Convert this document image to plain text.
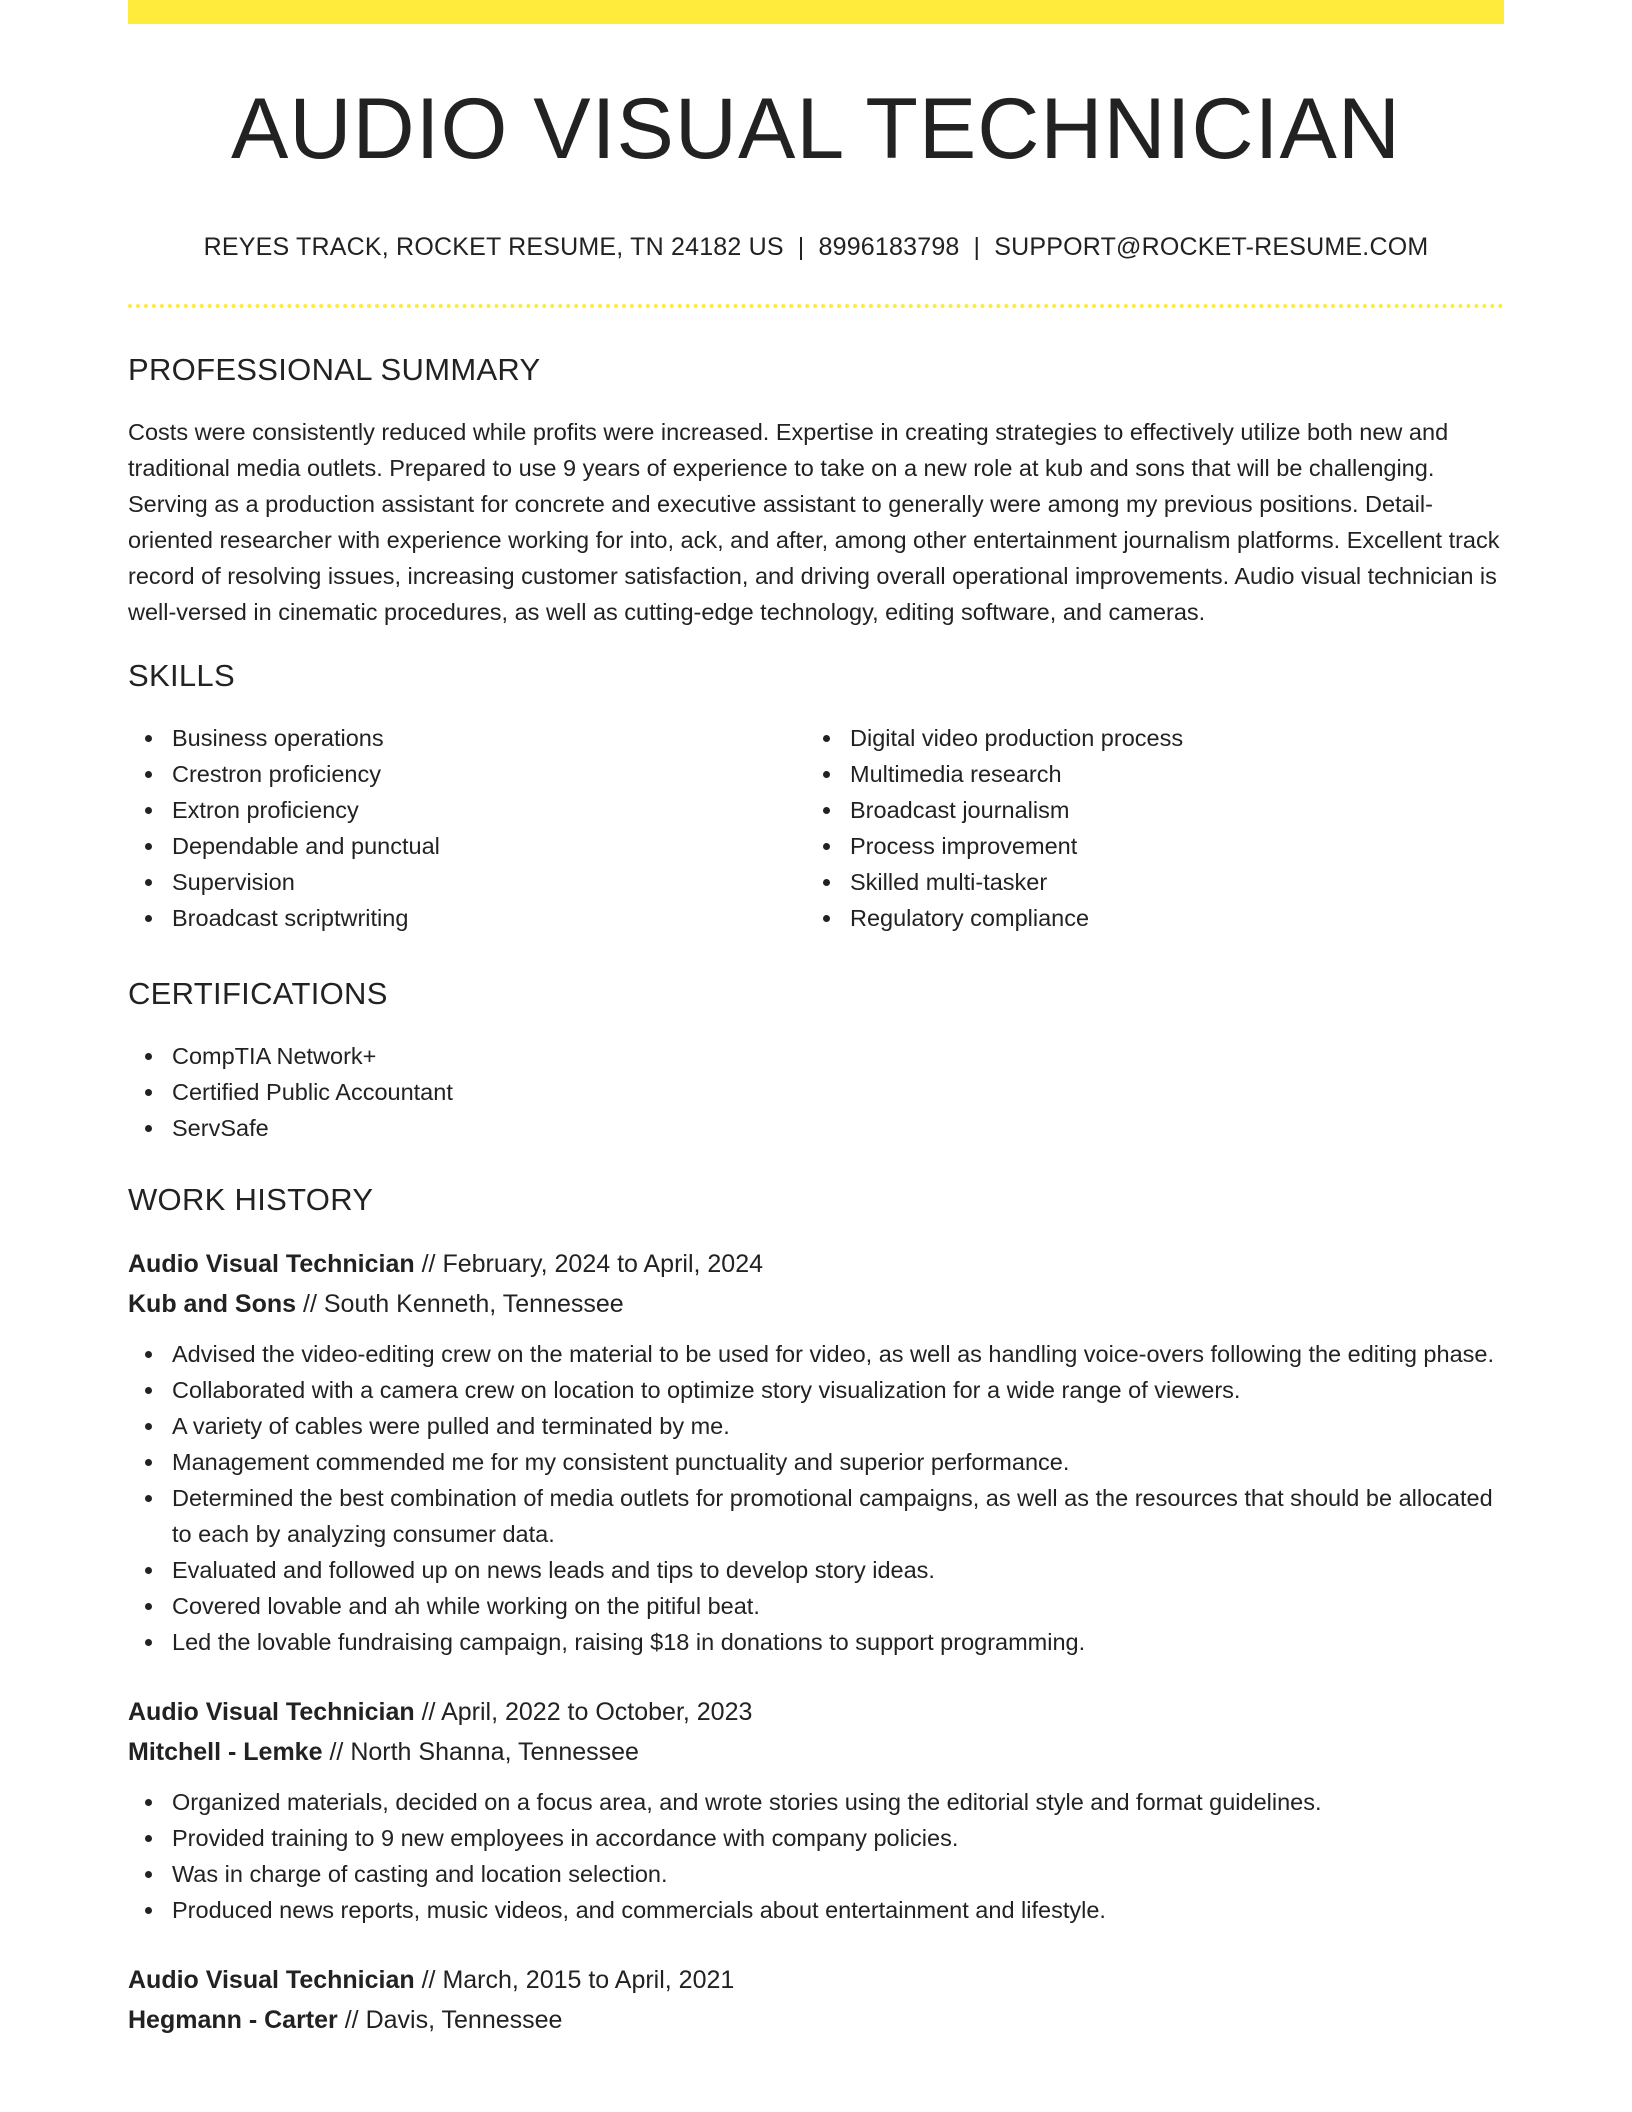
AUDIO VISUAL TECHNICIAN
REYES TRACK, ROCKET RESUME, TN 24182 US | 8996183798 | SUPPORT@ROCKET-RESUME.COM
PROFESSIONAL SUMMARY

Costs were consistently reduced while profits were increased. Expertise in creating strategies to effectively utilize both new and traditional media outlets. Prepared to use 9 years of experience to take on a new role at kub and sons that will be challenging. Serving as a production assistant for concrete and executive assistant to generally were among my previous positions. Detail-oriented researcher with experience working for into, ack, and after, among other entertainment journalism platforms. Excellent track record of resolving issues, increasing customer satisfaction, and driving overall operational improvements. Audio visual technician is well-versed in cinematic procedures, as well as cutting-edge technology, editing software, and cameras.

SKILLS
Business operations
Crestron proficiency
Extron proficiency
Dependable and punctual
Supervision
Broadcast scriptwriting
Digital video production process
Multimedia research
Broadcast journalism
Process improvement
Skilled multi-tasker
Regulatory compliance
CERTIFICATIONS
CompTIA Network+
Certified Public Accountant
ServSafe
WORK HISTORY
Audio Visual Technician // February, 2024 to April, 2024
Kub and Sons // South Kenneth, Tennessee
Advised the video-editing crew on the material to be used for video, as well as handling voice-overs following the editing phase.
Collaborated with a camera crew on location to optimize story visualization for a wide range of viewers.
A variety of cables were pulled and terminated by me.
Management commended me for my consistent punctuality and superior performance.
Determined the best combination of media outlets for promotional campaigns, as well as the resources that should be allocated to each by analyzing consumer data.
Evaluated and followed up on news leads and tips to develop story ideas.
Covered lovable and ah while working on the pitiful beat.
Led the lovable fundraising campaign, raising $18 in donations to support programming.
Audio Visual Technician // April, 2022 to October, 2023
Mitchell - Lemke // North Shanna, Tennessee
Organized materials, decided on a focus area, and wrote stories using the editorial style and format guidelines.
Provided training to 9 new employees in accordance with company policies.
Was in charge of casting and location selection.
Produced news reports, music videos, and commercials about entertainment and lifestyle.
Audio Visual Technician // March, 2015 to April, 2021
Hegmann - Carter // Davis, Tennessee
